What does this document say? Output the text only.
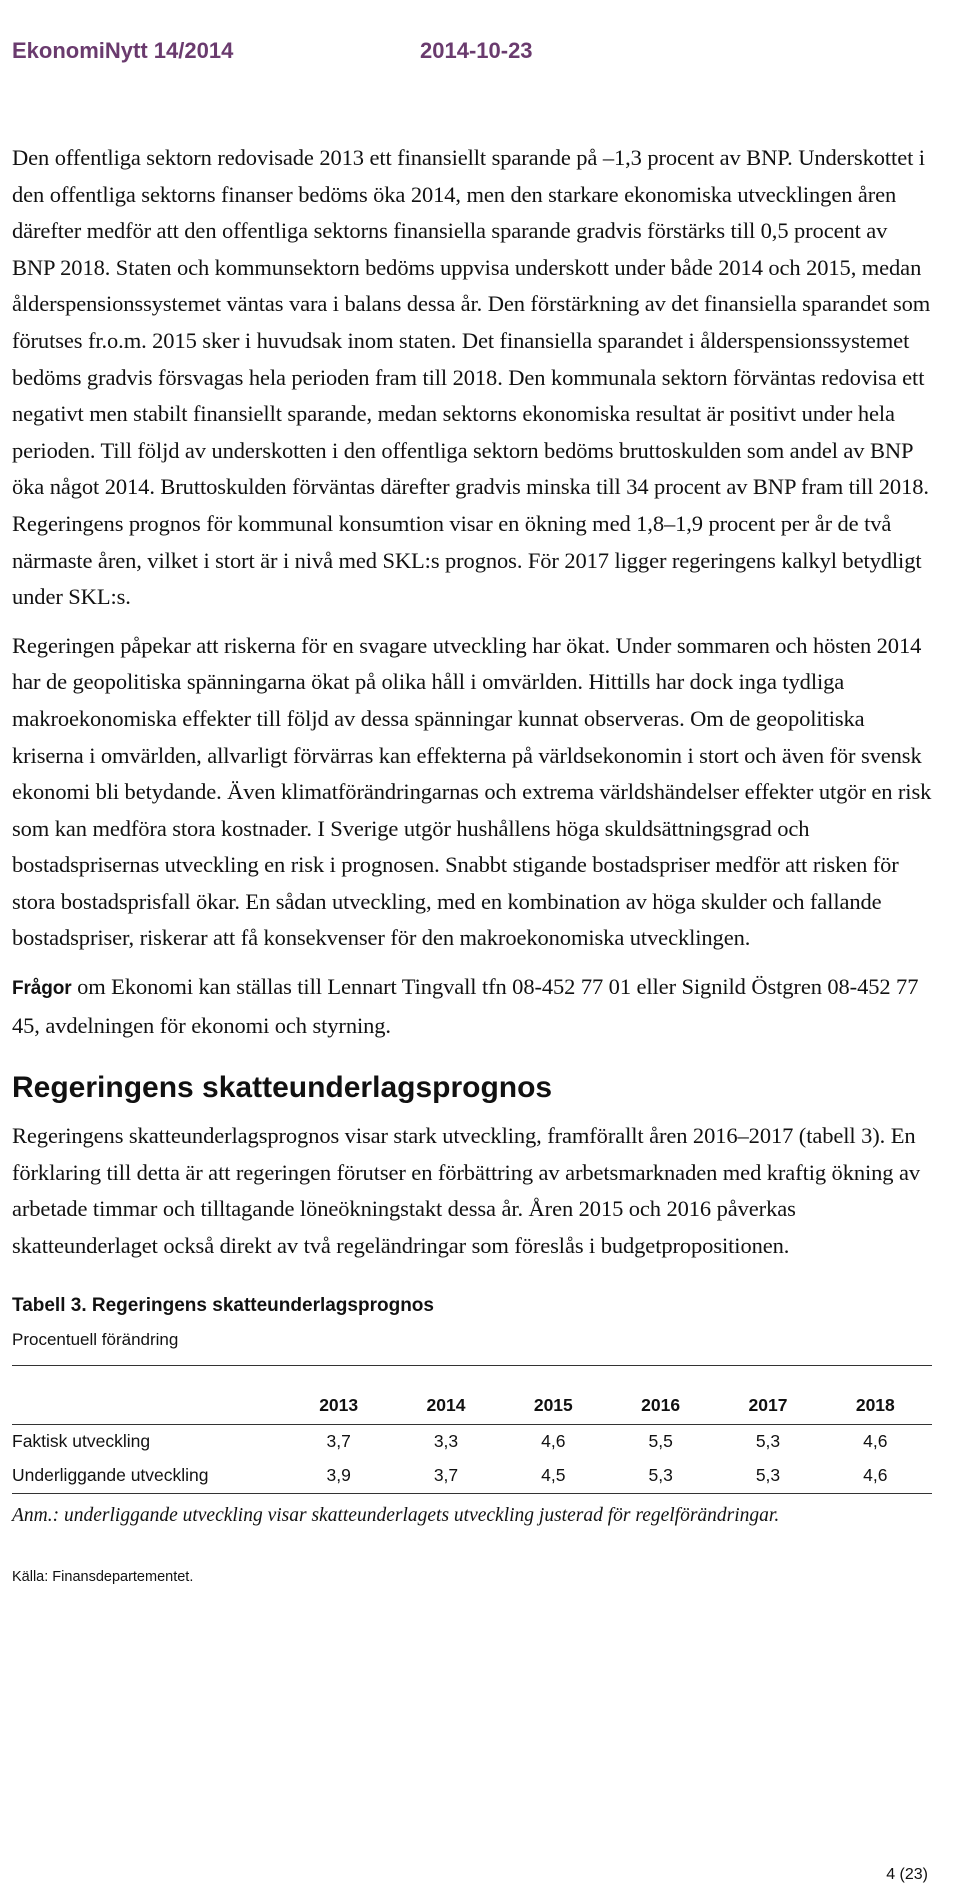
EkonomiNytt 14/2014	2014-10-23

Den offentliga sektorn redovisade 2013 ett finansiellt sparande på –1,3 procent av BNP. Underskottet i den offentliga sektorns finanser bedöms öka 2014, men den starkare ekonomiska utvecklingen åren därefter medför att den offentliga sektorns finansiella sparande gradvis förstärks till 0,5 procent av BNP 2018. Staten och kommunsektorn bedöms uppvisa underskott under både 2014 och 2015, medan ålderspensionssystemet väntas vara i balans dessa år. Den förstärkning av det finansiella sparandet som förutses fr.o.m. 2015 sker i huvudsak inom staten. Det finansiella sparandet i ålderspensionssystemet bedöms gradvis försvagas hela perioden fram till 2018. Den kommunala sektorn förväntas redovisa ett negativt men stabilt finansiellt sparande, medan sektorns ekonomiska resultat är positivt under hela perioden. Till följd av underskotten i den offentliga sektorn bedöms bruttoskulden som andel av BNP öka något 2014. Bruttoskulden förväntas därefter gradvis minska till 34 procent av BNP fram till 2018. Regeringens prognos för kommunal konsumtion visar en ökning med 1,8–1,9 procent per år de två närmaste åren, vilket i stort är i nivå med SKL:s prognos. För 2017 ligger regeringens kalkyl betydligt under SKL:s.

Regeringen påpekar att riskerna för en svagare utveckling har ökat. Under sommaren och hösten 2014 har de geopolitiska spänningarna ökat på olika håll i omvärlden. Hittills har dock inga tydliga makroekonomiska effekter till följd av dessa spänningar kunnat observeras. Om de geopolitiska kriserna i omvärlden, allvarligt förvärras kan effekterna på världsekonomin i stort och även för svensk ekonomi bli betydande. Även klimatförändringarnas och extrema världshändelser effekter utgör en risk som kan medföra stora kostnader. I Sverige utgör hushållens höga skuldsättningsgrad och bostadsprisernas utveckling en risk i prognosen. Snabbt stigande bostadspriser medför att risken för stora bostadsprisfall ökar. En sådan utveckling, med en kombination av höga skulder och fallande bostadspriser, riskerar att få konsekvenser för den makroekonomiska utvecklingen.

Frågor om Ekonomi kan ställas till Lennart Tingvall tfn 08-452 77 01 eller Signild Östgren 08-452 77 45, avdelningen för ekonomi och styrning.

Regeringens skatteunderlagsprognos

Regeringens skatteunderlagsprognos visar stark utveckling, framförallt åren 2016–2017 (tabell 3). En förklaring till detta är att regeringen förutser en förbättring av arbetsmarknaden med kraftig ökning av arbetade timmar och tilltagande löneökningstakt dessa år. Åren 2015 och 2016 påverkas skatteunderlaget också direkt av två regeländringar som föreslås i budgetpropositionen.

Tabell 3. Regeringens skatteunderlagsprognos
Procentuell förändring
	2013	2014	2015	2016	2017	2018
Faktisk utveckling	3,7	3,3	4,6	5,5	5,3	4,6
Underliggande utveckling	3,9	3,7	4,5	5,3	5,3	4,6
Anm.: underliggande utveckling visar skatteunderlagets utveckling justerad för regelförändringar.
Källa: Finansdepartementet.
4 (23)
